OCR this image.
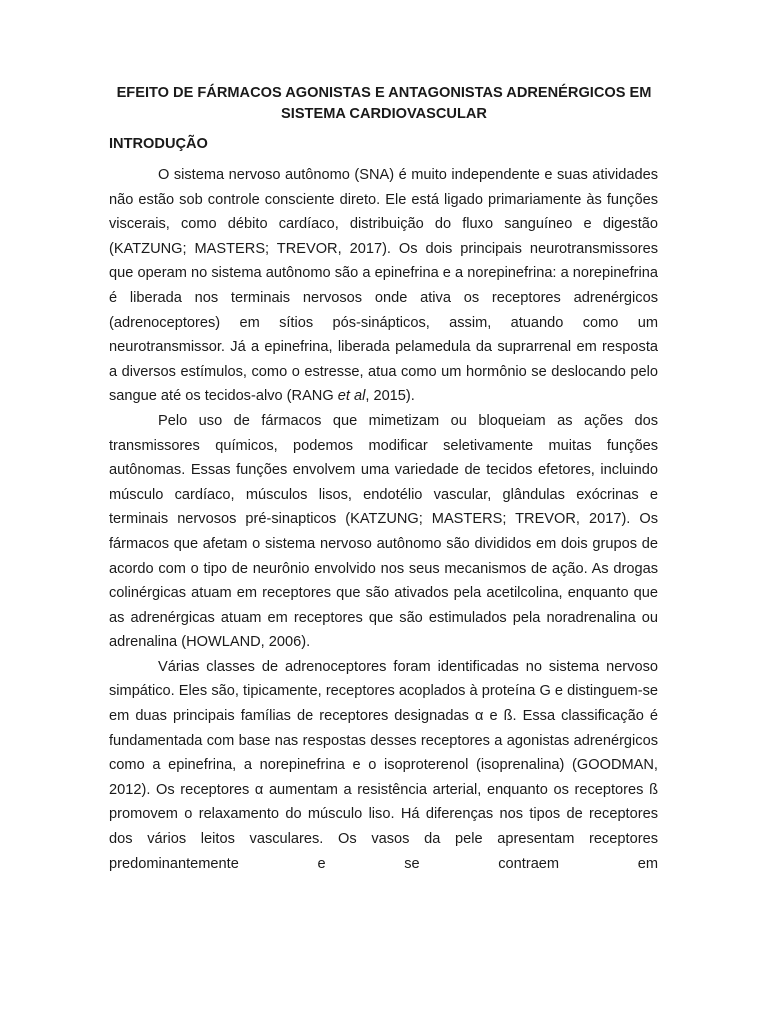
EFEITO DE FÁRMACOS AGONISTAS E ANTAGONISTAS ADRENÉRGICOS EM SISTEMA CARDIOVASCULAR
INTRODUÇÃO

O sistema nervoso autônomo (SNA) é muito independente e suas atividades não estão sob controle consciente direto. Ele está ligado primariamente às funções viscerais, como débito cardíaco, distribuição do fluxo sanguíneo e digestão (KATZUNG; MASTERS; TREVOR, 2017). Os dois principais neurotransmissores que operam no sistema autônomo são a epinefrina e a norepinefrina: a norepinefrina é liberada nos terminais nervosos onde ativa os receptores adrenérgicos (adrenoceptores) em sítios pós-sinápticos, assim, atuando como um neurotransmissor. Já a epinefrina, liberada pelamedula da suprarrenal em resposta a diversos estímulos, como o estresse, atua como um hormônio se deslocando pelo sangue até os tecidos-alvo (RANG et al, 2015).

Pelo uso de fármacos que mimetizam ou bloqueiam as ações dos transmissores químicos, podemos modificar seletivamente muitas funções autônomas. Essas funções envolvem uma variedade de tecidos efetores, incluindo músculo cardíaco, músculos lisos, endotélio vascular, glândulas exócrinas e terminais nervosos pré-sinapticos (KATZUNG; MASTERS; TREVOR, 2017). Os fármacos que afetam o sistema nervoso autônomo são divididos em dois grupos de acordo com o tipo de neurônio envolvido nos seus mecanismos de ação. As drogas colinérgicas atuam em receptores que são ativados pela acetilcolina, enquanto que as adrenérgicas atuam em receptores que são estimulados pela noradrenalina ou adrenalina (HOWLAND, 2006).

Várias classes de adrenoceptores foram identificadas no sistema nervoso simpático. Eles são, tipicamente, receptores acoplados à proteína G e distinguem-se em duas principais famílias de receptores designadas α e ß. Essa classificação é fundamentada com base nas respostas desses receptores a agonistas adrenérgicos como a epinefrina, a norepinefrina e o isoproterenol (isoprenalina) (GOODMAN, 2012). Os receptores α aumentam a resistência arterial, enquanto os receptores ß promovem o relaxamento do músculo liso. Há diferenças nos tipos de receptores dos vários leitos vasculares. Os vasos da pele apresentam receptores predominantemente e se contraem em
